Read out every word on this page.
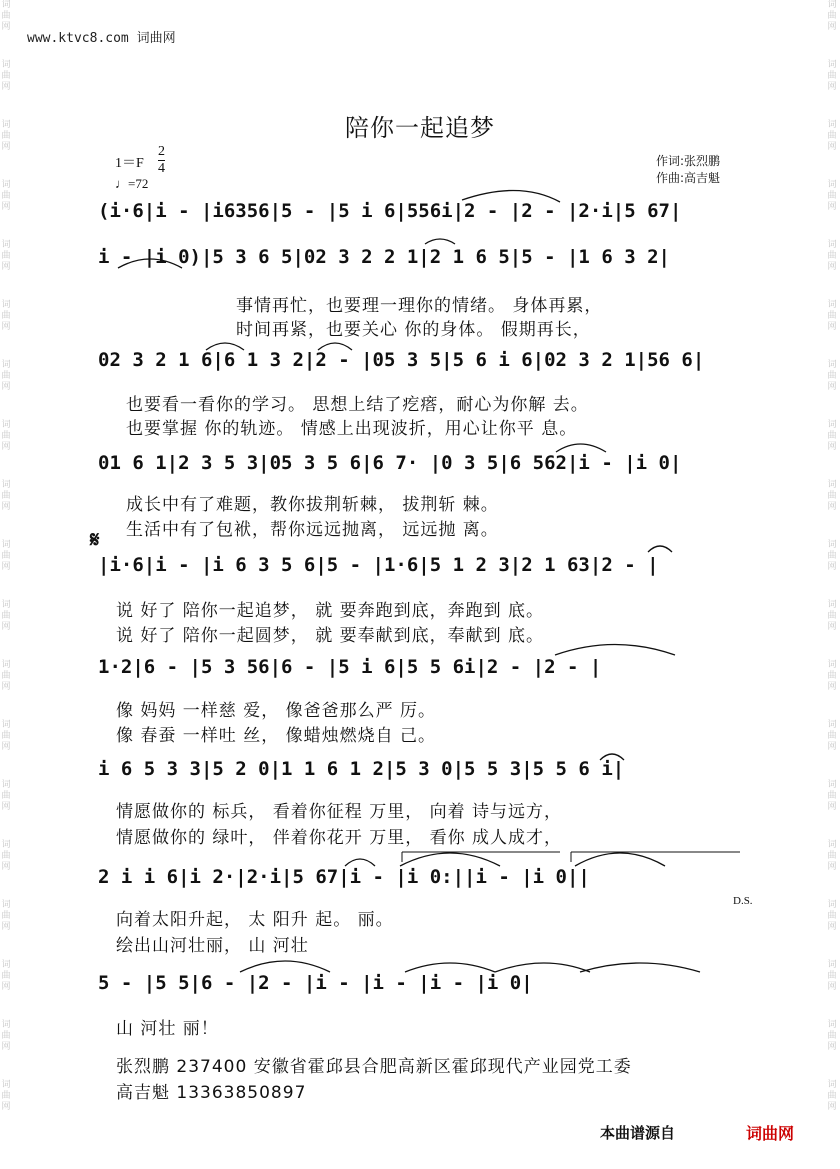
词
曲
网
词
曲
网
词
曲
网
词
曲
网
词
曲
网
词
曲
网
词
曲
网
词
曲
网
词
曲
网
词
曲
网
词
曲
网
词
曲
网
词
曲
网
词
曲
网
词
曲
网
词
曲
网
词
曲
网
词
曲
网
词
曲
网
词
曲
网
词
曲
网
词
曲
网
词
曲
网
词
曲
网
词
曲
网
词
曲
网
词
曲
网
词
曲
网
词
曲
网
词
曲
网
词
曲
网
词
曲
网
词
曲
网
词
曲
网
词
曲
网
词
曲
网
词
曲
网
词
曲
网
www.ktvc8.com 词曲网
陪你一起追梦
1＝F
2
4
♩=72
作词:张烈鹏
作曲:高吉魁
(i·6|i - |i6356|5 - |5 i 6|556i|2 - |2 - |2·i|5 67|
i - |i 0)|5 3 6 5|02 3 2 2 1|2 1 6 5|5 - |1 6 3 2|
事情再忙，也要理一理你的情绪。 身体再累，
时间再紧，也要关心 你的身体。 假期再长，
02 3 2 1 6|6 1 3 2|2 - |05 3 5|5 6 i 6|02 3 2 1|56 6|
也要看一看你的学习。 思想上结了疙瘩，耐心为你解 去。
也要掌握 你的轨迹。 情感上出现波折，用心让你平 息。
01 6 1|2 3 5 3|05 3 5 6|6 7· |0 3 5|6 562|i - |i 0|
成长中有了难题，教你拔荆斩棘， 拔荆斩 棘。
生活中有了包袱，帮你远远抛离， 远远抛 离。
𝄋
|i·6|i - |i 6 3 5 6|5 - |1·6|5 1 2 3|2 1 63|2 - |
说 好了 陪你一起追梦， 就 要奔跑到底，奔跑到 底。
说 好了 陪你一起圆梦， 就 要奉献到底，奉献到 底。
1·2|6 - |5 3 56|6 - |5 i 6|5 5 6i|2 - |2 - |
像 妈妈 一样慈 爱， 像爸爸那么严 厉。
像 春蚕 一样吐 丝， 像蜡烛燃烧自 己。
i 6 5 3 3|5 2 0|1 1 6 1 2|5 3 0|5 5 3|5 5 6 i|
情愿做你的 标兵， 看着你征程 万里， 向着 诗与远方，
情愿做你的 绿叶， 伴着你花开 万里， 看你 成人成才，
2 i i 6|i 2·|2·i|5 67|i - |i 0:||i - |i 0||
D.S.
向着太阳升起， 太 阳升 起。 丽。
绘出山河壮丽， 山 河壮
5 - |5 5|6 - |2 - |i - |i - |i - |i 0|
山 河壮 丽！
张烈鹏 237400 安徽省霍邱县合肥高新区霍邱现代产业园党工委
高吉魁 13363850897
本曲谱源自	词曲网
